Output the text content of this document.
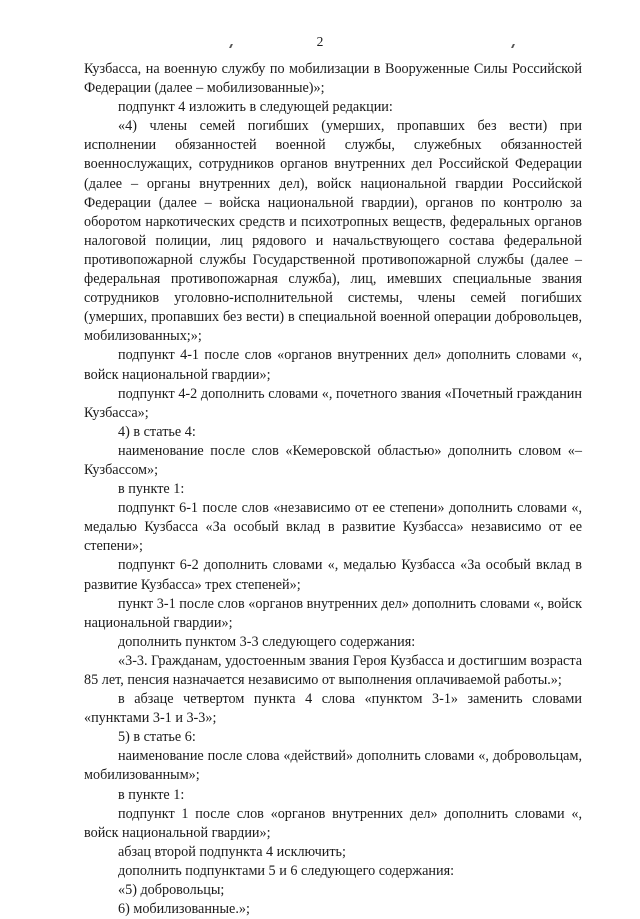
2

Кузбасса, на военную службу по мобилизации в Вооруженные Силы Российской Федерации (далее – мобилизованные)»;

подпункт 4 изложить в следующей редакции:

«4) члены семей погибших (умерших, пропавших без вести) при исполнении обязанностей военной службы, служебных обязанностей военнослужащих, сотрудников органов внутренних дел Российской Федерации (далее – органы внутренних дел), войск национальной гвардии Российской Федерации (далее – войска национальной гвардии), органов по контролю за оборотом наркотических средств и психотропных веществ, федеральных органов налоговой полиции, лиц рядового и начальствующего состава федеральной противопожарной службы Государственной противопожарной службы (далее – федеральная противопожарная служба), лиц, имевших специальные звания сотрудников уголовно-исполнительной системы, члены семей погибших (умерших, пропавших без вести) в специальной военной операции добровольцев, мобилизованных;»;

подпункт 4-1 после слов «органов внутренних дел» дополнить словами «, войск национальной гвардии»;

подпункт 4-2 дополнить словами «, почетного звания «Почетный гражданин Кузбасса»;

4) в статье 4:

наименование после слов «Кемеровской областью» дополнить словом «– Кузбассом»;

в пункте 1:

подпункт 6-1 после слов «независимо от ее степени» дополнить словами «, медалью Кузбасса «За особый вклад в развитие Кузбасса» независимо от ее степени»;

подпункт 6-2 дополнить словами «, медалью Кузбасса «За особый вклад в развитие Кузбасса» трех степеней»;

пункт 3-1 после слов «органов внутренних дел» дополнить словами «, войск национальной гвардии»;

дополнить пунктом 3-3 следующего содержания:

«3-3. Гражданам, удостоенным звания Героя Кузбасса и достигшим возраста 85 лет, пенсия назначается независимо от выполнения оплачиваемой работы.»;

в абзаце четвертом пункта 4 слова «пунктом 3-1» заменить словами «пунктами 3-1 и 3-3»;

5) в статье 6:

наименование после слова «действий» дополнить словами «, добровольцам, мобилизованным»;

в пункте 1:

подпункт 1 после слов «органов внутренних дел» дополнить словами «, войск национальной гвардии»;

абзац второй подпункта 4 исключить;

дополнить подпунктами 5 и 6 следующего содержания:

«5) добровольцы;

6) мобилизованные.»;
